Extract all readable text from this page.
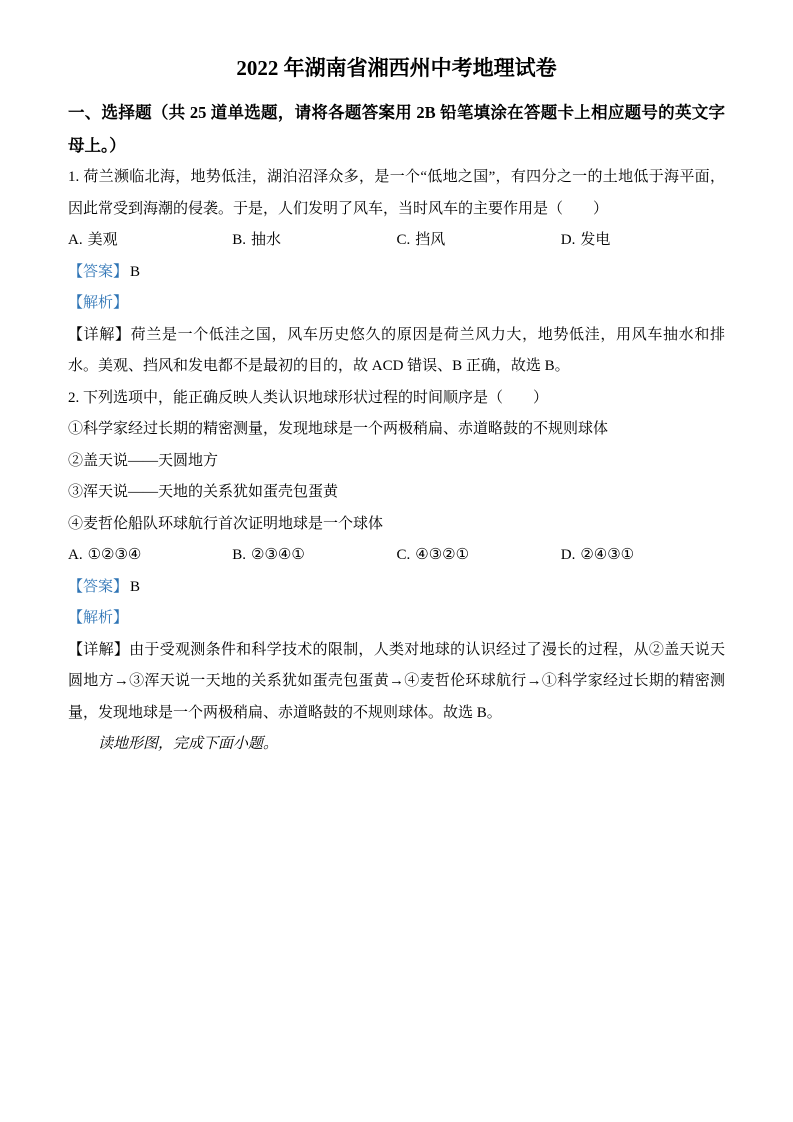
2022 年湖南省湘西州中考地理试卷
一、选择题（共 25 道单选题，请将各题答案用 2B 铅笔填涂在答题卡上相应题号的英文字母上。）

1. 荷兰濒临北海，地势低洼，湖泊沼泽众多，是一个“低地之国”，有四分之一的土地低于海平面，因此常受到海潮的侵袭。于是，人们发明了风车，当时风车的主要作用是（　　）

A. 美观	B. 抽水	C. 挡风	D. 发电

【答案】 B

【解析】

【详解】荷兰是一个低洼之国，风车历史悠久的原因是荷兰风力大，地势低洼，用风车抽水和排水。美观、挡风和发电都不是最初的目的，故 ACD 错误、B 正确，故选 B。

2. 下列选项中，能正确反映人类认识地球形状过程的时间顺序是（　　）

①科学家经过长期的精密测量，发现地球是一个两极稍扁、赤道略鼓的不规则球体

②盖天说——天圆地方

③浑天说——天地的关系犹如蛋壳包蛋黄

④麦哲伦船队环球航行首次证明地球是一个球体

A. ①②③④	B. ②③④①	C. ④③②①	D. ②④③①

【答案】 B

【解析】

【详解】由于受观测条件和科学技术的限制，人类对地球的认识经过了漫长的过程，从②盖天说天圆地方→③浑天说一天地的关系犹如蛋壳包蛋黄→④麦哲伦环球航行→①科学家经过长期的精密测量，发现地球是一个两极稍扁、赤道略鼓的不规则球体。故选 B。

读地形图，完成下面小题。
